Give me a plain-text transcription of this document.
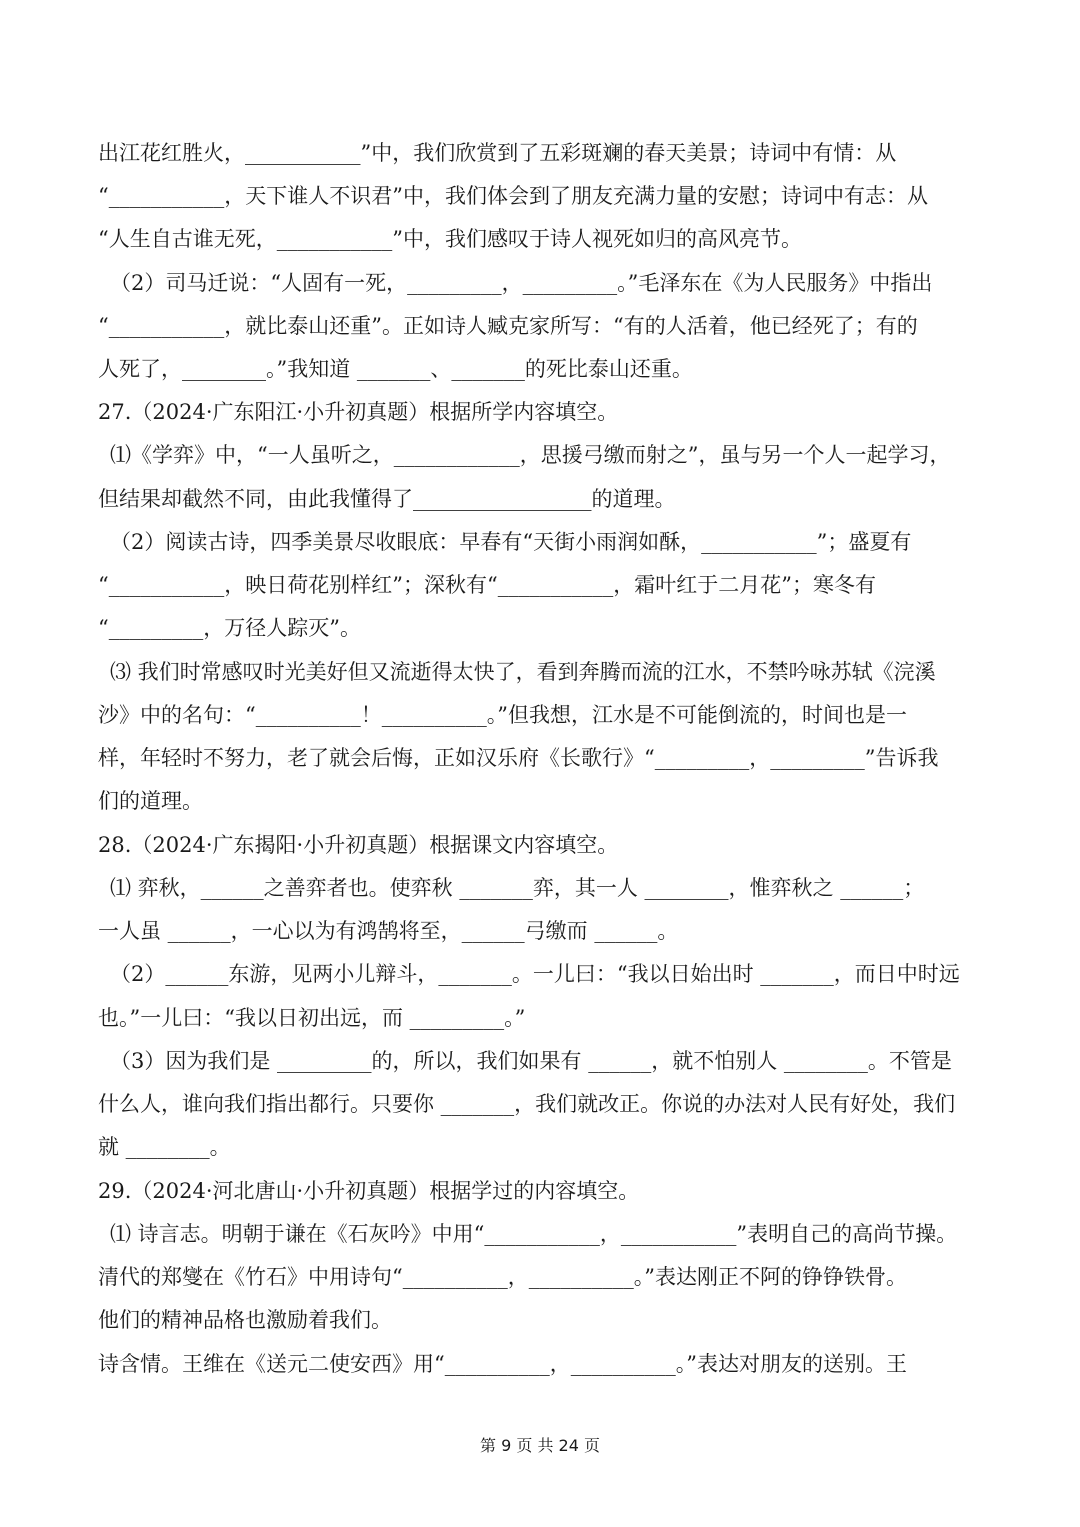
出江花红胜火，___________”中，我们欣赏到了五彩斑斓的春天美景；诗词中有情：从
“___________，天下谁人不识君”中，我们体会到了朋友充满力量的安慰；诗词中有志：从
“人生自古谁无死，___________”中，我们感叹于诗人视死如归的高风亮节。
（2）司马迁说：“人固有一死，_________，_________。”毛泽东在《为人民服务》中指出
“___________，就比泰山还重”。正如诗人臧克家所写：“有的人活着，他已经死了；有的
人死了，________。”我知道 _______、_______的死比泰山还重。
27.（2024·广东阳江·小升初真题）根据所学内容填空。
⑴《学弈》中，“一人虽听之，____________，思援弓缴而射之”，虽与另一个人一起学习，
但结果却截然不同，由此我懂得了_________________的道理。
（2）阅读古诗，四季美景尽收眼底：早春有“天街小雨润如酥，___________”；盛夏有
“___________，映日荷花别样红”；深秋有“___________，霜叶红于二月花”；寒冬有
“_________，万径人踪灭”。
⑶ 我们时常感叹时光美好但又流逝得太快了，看到奔腾而流的江水，不禁吟咏苏轼《浣溪
沙》中的名句：“__________！__________。”但我想，江水是不可能倒流的，时间也是一
样，年轻时不努力，老了就会后悔，正如汉乐府《长歌行》“_________，_________”告诉我
们的道理。
28.（2024·广东揭阳·小升初真题）根据课文内容填空。
⑴ 弈秋，______之善弈者也。使弈秋 _______弈，其一人 ________，惟弈秋之 ______；
一人虽 ______，一心以为有鸿鹄将至，______弓缴而 ______。
（2）______东游，见两小儿辩斗，_______。一儿曰：“我以日始出时 _______，而日中时远
也。”一儿曰：“我以日初出远，而 _________。”
（3）因为我们是 _________的，所以，我们如果有 ______，就不怕别人 ________。不管是
什么人，谁向我们指出都行。只要你 _______，我们就改正。你说的办法对人民有好处，我们
就 ________。
29.（2024·河北唐山·小升初真题）根据学过的内容填空。
⑴ 诗言志。明朝于谦在《石灰吟》中用“___________，___________”表明自己的高尚节操。
清代的郑燮在《竹石》中用诗句“__________，__________。”表达刚正不阿的铮铮铁骨。
他们的精神品格也激励着我们。
诗含情。王维在《送元二使安西》用“__________，__________。”表达对朋友的送别。王
第 9 页 共 24 页
